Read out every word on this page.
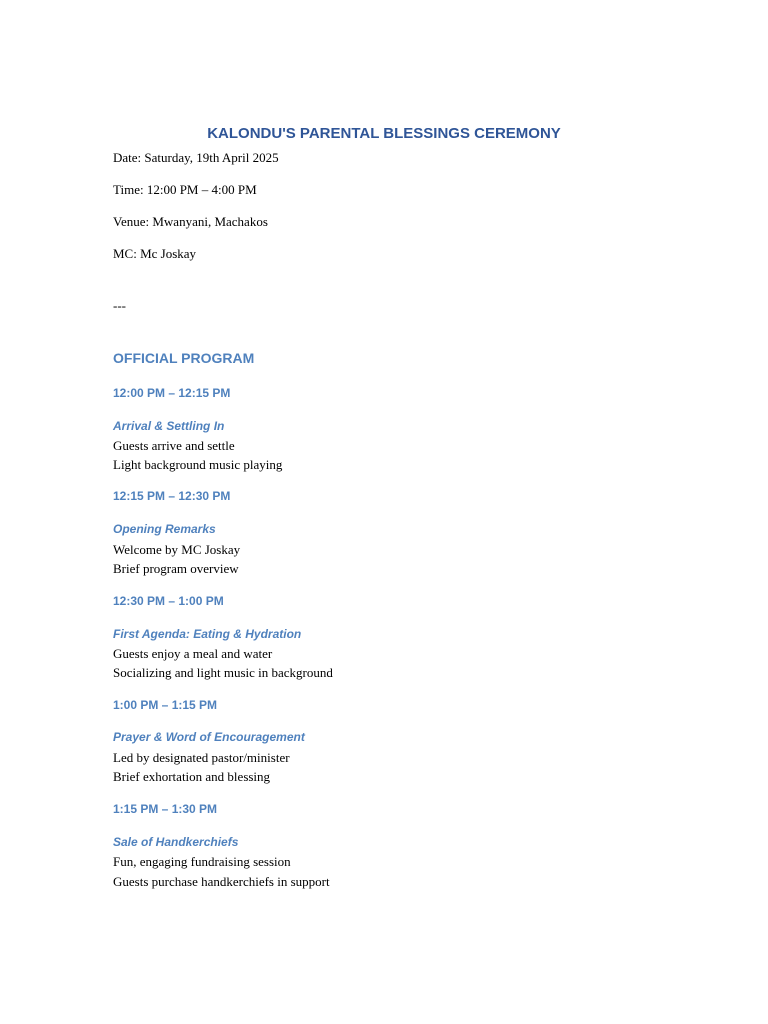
KALONDU'S PARENTAL BLESSINGS CEREMONY
Date: Saturday, 19th April 2025
Time: 12:00 PM – 4:00 PM
Venue: Mwanyani, Machakos
MC: Mc Joskay
---
OFFICIAL PROGRAM
12:00 PM – 12:15 PM
Arrival & Settling In
Guests arrive and settle
Light background music playing
12:15 PM – 12:30 PM
Opening Remarks
Welcome by MC Joskay
Brief program overview
12:30 PM – 1:00 PM
First Agenda: Eating & Hydration
Guests enjoy a meal and water
Socializing and light music in background
1:00 PM – 1:15 PM
Prayer & Word of Encouragement
Led by designated pastor/minister
Brief exhortation and blessing
1:15 PM – 1:30 PM
Sale of Handkerchiefs
Fun, engaging fundraising session
Guests purchase handkerchiefs in support
